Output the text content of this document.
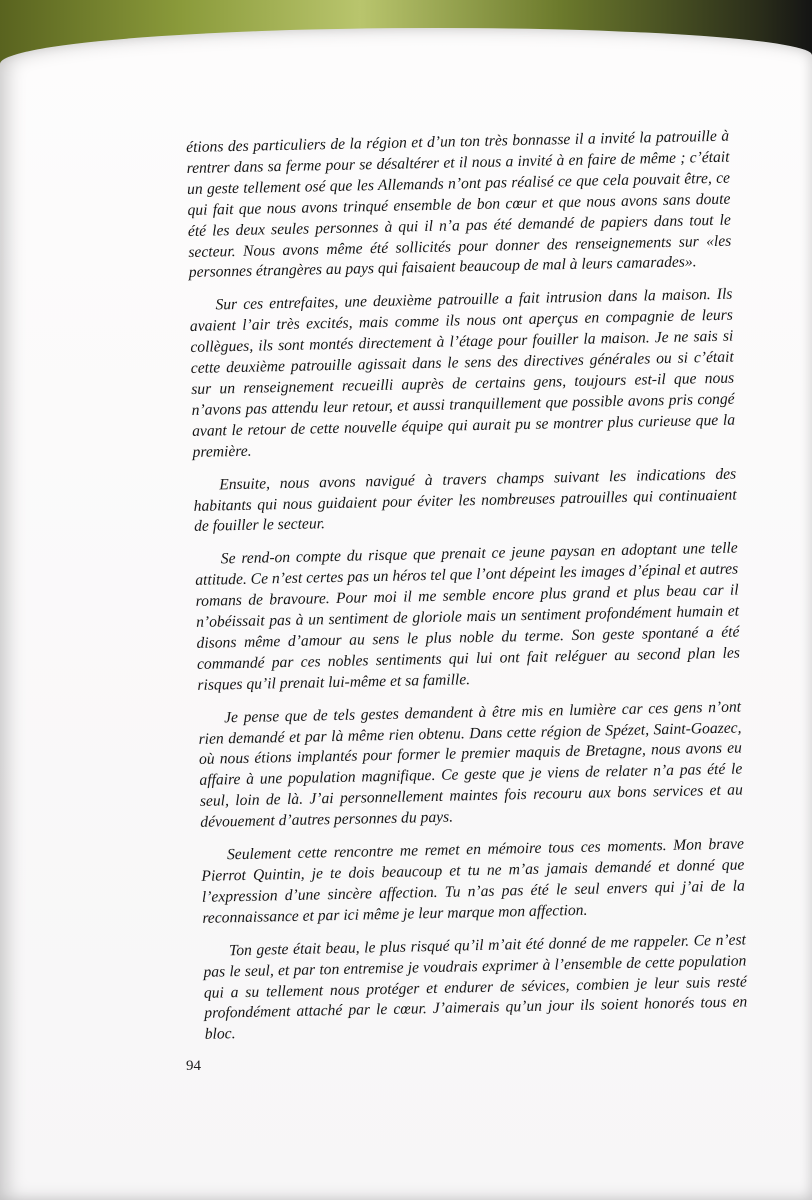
étions des particuliers de la région et d’un ton très bonnasse il a invité la patrouille à rentrer dans sa ferme pour se désaltérer et il nous a invité à en faire de même ; c’était un geste tellement osé que les Allemands n’ont pas réalisé ce que cela pouvait être, ce qui fait que nous avons trinqué ensemble de bon cœur et que nous avons sans doute été les deux seules personnes à qui il n’a pas été demandé de papiers dans tout le secteur. Nous avons même été sollicités pour donner des renseignements sur «les personnes étrangères au pays qui faisaient beaucoup de mal à leurs camarades».

Sur ces entrefaites, une deuxième patrouille a fait intrusion dans la maison. Ils avaient l’air très excités, mais comme ils nous ont aperçus en compagnie de leurs collègues, ils sont montés directement à l’étage pour fouiller la maison. Je ne sais si cette deuxième patrouille agissait dans le sens des directives générales ou si c’était sur un renseignement recueilli auprès de certains gens, toujours est-il que nous n’avons pas attendu leur retour, et aussi tranquillement que possible avons pris congé avant le retour de cette nouvelle équipe qui aurait pu se montrer plus curieuse que la première.

Ensuite, nous avons navigué à travers champs suivant les indications des habitants qui nous guidaient pour éviter les nombreuses patrouilles qui continuaient de fouiller le secteur.

Se rend-on compte du risque que prenait ce jeune paysan en adoptant une telle attitude. Ce n’est certes pas un héros tel que l’ont dépeint les images d’épinal et autres romans de bravoure. Pour moi il me semble encore plus grand et plus beau car il n’obéissait pas à un sentiment de gloriole mais un sentiment profondément humain et disons même d’amour au sens le plus noble du terme. Son geste spontané a été commandé par ces nobles sentiments qui lui ont fait reléguer au second plan les risques qu’il prenait lui-même et sa famille.

Je pense que de tels gestes demandent à être mis en lumière car ces gens n’ont rien demandé et par là même rien obtenu. Dans cette région de Spézet, Saint-Goazec, où nous étions implantés pour former le premier maquis de Bretagne, nous avons eu affaire à une population magnifique. Ce geste que je viens de relater n’a pas été le seul, loin de là. J’ai personnellement maintes fois recouru aux bons services et au dévouement d’autres personnes du pays.

Seulement cette rencontre me remet en mémoire tous ces moments. Mon brave Pierrot Quintin, je te dois beaucoup et tu ne m’as jamais demandé et donné que l’expression d’une sincère affection. Tu n’as pas été le seul envers qui j’ai de la reconnaissance et par ici même je leur marque mon affection.

Ton geste était beau, le plus risqué qu’il m’ait été donné de me rappeler. Ce n’est pas le seul, et par ton entremise je voudrais exprimer à l’ensemble de cette population qui a su tellement nous protéger et endurer de sévices, combien je leur suis resté profondément attaché par le cœur. J’aimerais qu’un jour ils soient honorés tous en bloc.

94
